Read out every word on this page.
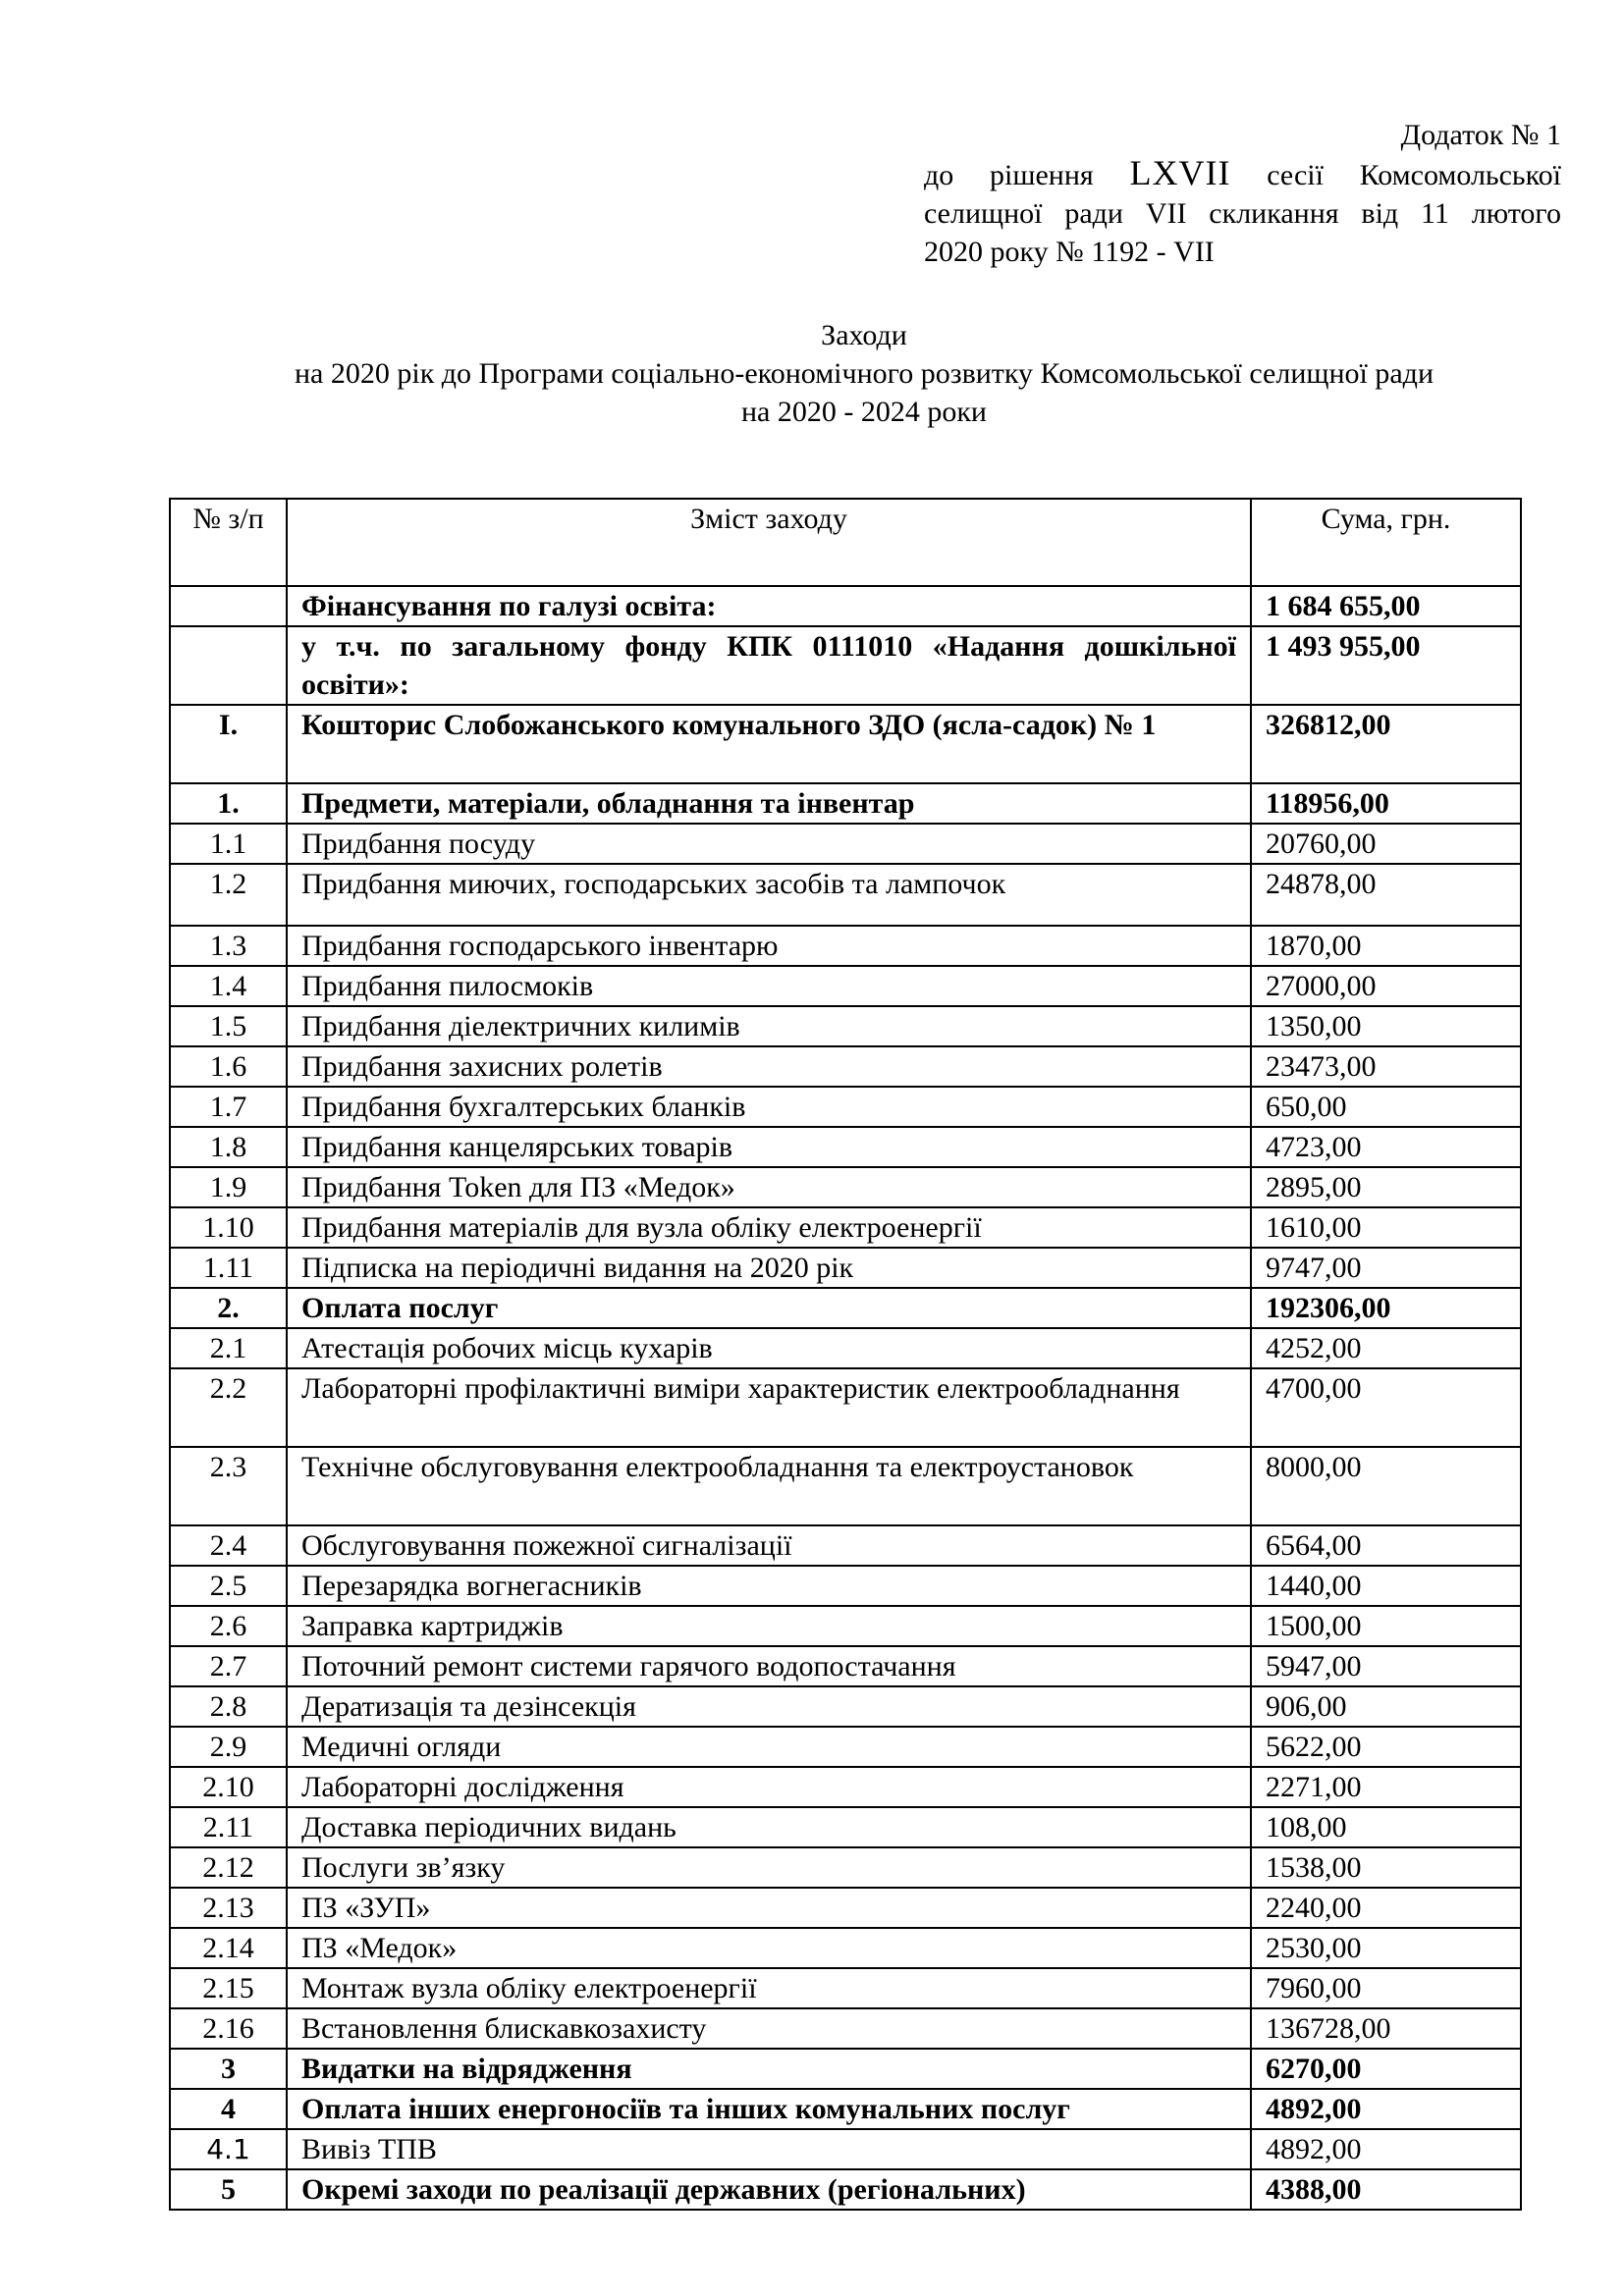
Додаток № 1
до рішення LXVII сесії Комсомольської
селищної ради VII скликання від 11 лютого
2020 року № 1192 - VII
Заходи
на 2020 рік до Програми соціально-економічного розвитку Комсомольської селищної ради
на 2020 - 2024 роки
№ з/п	Зміст заходу	Сума, грн.
	Фінансування по галузі освіта:	1 684 655,00
	у т.ч. по загальному фонду КПК 0111010 «Надання дошкільної освіти»:	1 493 955,00
I.	Кошторис Слобожанського комунального ЗДО (ясла-садок) № 1	326812,00
1.	Предмети, матеріали, обладнання та інвентар	118956,00
1.1	Придбання посуду	20760,00
1.2	Придбання миючих, господарських засобів та лампочок	24878,00
1.3	Придбання господарського інвентарю	1870,00
1.4	Придбання пилосмоків	27000,00
1.5	Придбання діелектричних килимів	1350,00
1.6	Придбання захисних ролетів	23473,00
1.7	Придбання бухгалтерських бланків	650,00
1.8	Придбання канцелярських товарів	4723,00
1.9	Придбання Token для ПЗ «Медок»	2895,00
1.10	Придбання матеріалів для вузла обліку електроенергії	1610,00
1.11	Підписка на періодичні видання на 2020 рік	9747,00
2.	Оплата послуг	192306,00
2.1	Атестація робочих місць кухарів	4252,00
2.2	Лабораторні профілактичні виміри характеристик електрообладнання	4700,00
2.3	Технічне обслуговування електрообладнання та електроустановок	8000,00
2.4	Обслуговування пожежної сигналізації	6564,00
2.5	Перезарядка вогнегасників	1440,00
2.6	Заправка картриджів	1500,00
2.7	Поточний ремонт системи гарячого водопостачання	5947,00
2.8	Дератизація та дезінсекція	906,00
2.9	Медичні огляди	5622,00
2.10	Лабораторні дослідження	2271,00
2.11	Доставка періодичних видань	108,00
2.12	Послуги зв’язку	1538,00
2.13	ПЗ «ЗУП»	2240,00
2.14	ПЗ «Медок»	2530,00
2.15	Монтаж вузла обліку електроенергії	7960,00
2.16	Встановлення блискавкозахисту	136728,00
3	Видатки на відрядження	6270,00
4	Оплата інших енергоносіїв та інших комунальних послуг	4892,00
4.1	Вивіз ТПВ	4892,00
5	Окремі заходи по реалізації державних (регіональних)	4388,00
